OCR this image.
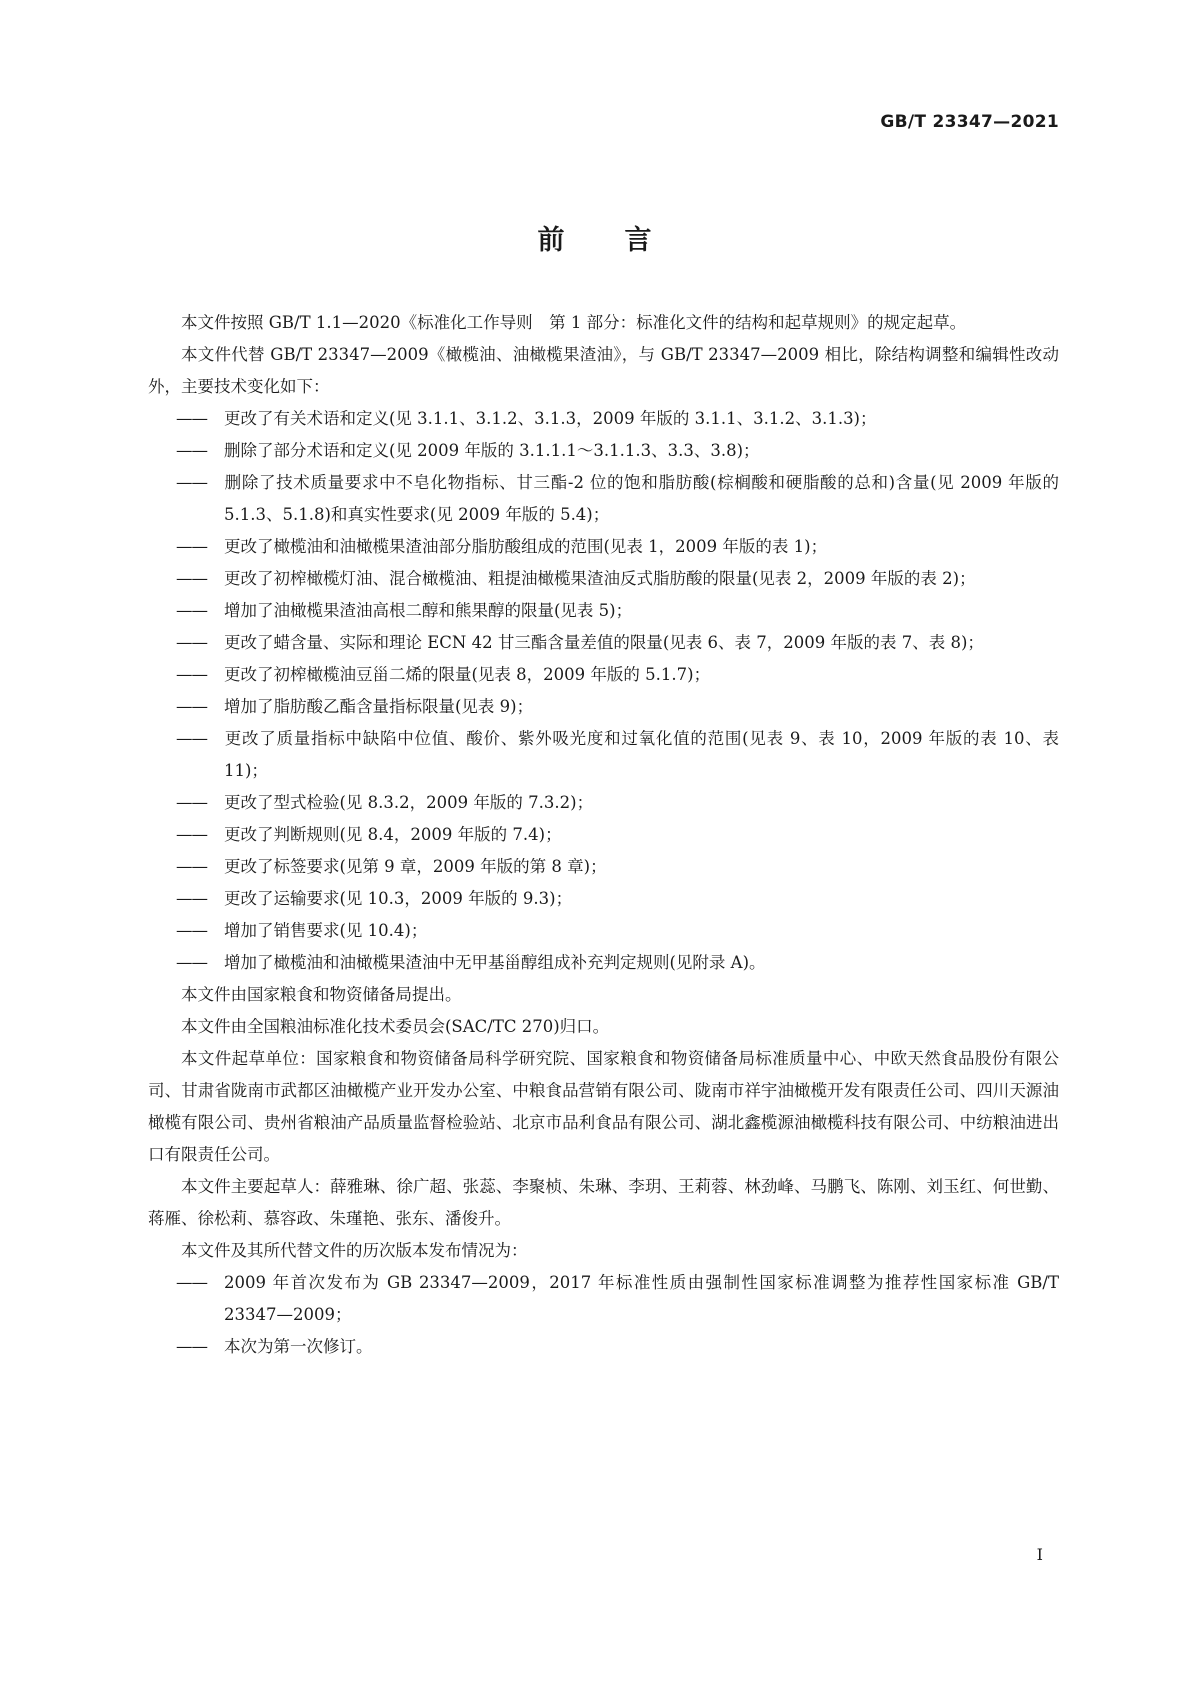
GB/T 23347—2021
前 言

本文件按照 GB/T 1.1—2020《标准化工作导则　第 1 部分：标准化文件的结构和起草规则》的规定起草。

本文件代替 GB/T 23347—2009《橄榄油、油橄榄果渣油》，与 GB/T 23347—2009 相比，除结构调整和编辑性改动外，主要技术变化如下：

—— 更改了有关术语和定义(见 3.1.1、3.1.2、3.1.3，2009 年版的 3.1.1、3.1.2、3.1.3)；

—— 删除了部分术语和定义(见 2009 年版的 3.1.1.1～3.1.1.3、3.3、3.8)；

—— 删除了技术质量要求中不皂化物指标、甘三酯-2 位的饱和脂肪酸(棕榈酸和硬脂酸的总和)含量(见 2009 年版的 5.1.3、5.1.8)和真实性要求(见 2009 年版的 5.4)；

—— 更改了橄榄油和油橄榄果渣油部分脂肪酸组成的范围(见表 1，2009 年版的表 1)；

—— 更改了初榨橄榄灯油、混合橄榄油、粗提油橄榄果渣油反式脂肪酸的限量(见表 2，2009 年版的表 2)；

—— 增加了油橄榄果渣油高根二醇和熊果醇的限量(见表 5)；

—— 更改了蜡含量、实际和理论 ECN 42 甘三酯含量差值的限量(见表 6、表 7，2009 年版的表 7、表 8)；

—— 更改了初榨橄榄油豆甾二烯的限量(见表 8，2009 年版的 5.1.7)；

—— 增加了脂肪酸乙酯含量指标限量(见表 9)；

—— 更改了质量指标中缺陷中位值、酸价、紫外吸光度和过氧化值的范围(见表 9、表 10，2009 年版的表 10、表 11)；

—— 更改了型式检验(见 8.3.2，2009 年版的 7.3.2)；

—— 更改了判断规则(见 8.4，2009 年版的 7.4)；

—— 更改了标签要求(见第 9 章，2009 年版的第 8 章)；

—— 更改了运输要求(见 10.3，2009 年版的 9.3)；

—— 增加了销售要求(见 10.4)；

—— 增加了橄榄油和油橄榄果渣油中无甲基甾醇组成补充判定规则(见附录 A)。

本文件由国家粮食和物资储备局提出。

本文件由全国粮油标准化技术委员会(SAC/TC 270)归口。

本文件起草单位：国家粮食和物资储备局科学研究院、国家粮食和物资储备局标准质量中心、中欧天然食品股份有限公司、甘肃省陇南市武都区油橄榄产业开发办公室、中粮食品营销有限公司、陇南市祥宇油橄榄开发有限责任公司、四川天源油橄榄有限公司、贵州省粮油产品质量监督检验站、北京市品利食品有限公司、湖北鑫榄源油橄榄科技有限公司、中纺粮油进出口有限责任公司。

本文件主要起草人：薛雅琳、徐广超、张蕊、李聚桢、朱琳、李玥、王莉蓉、林劲峰、马鹏飞、陈刚、刘玉红、何世勤、蒋雁、徐松莉、慕容政、朱瑾艳、张东、潘俊升。

本文件及其所代替文件的历次版本发布情况为：

—— 2009 年首次发布为 GB 23347—2009，2017 年标准性质由强制性国家标准调整为推荐性国家标准 GB/T 23347—2009；

—— 本次为第一次修订。

I
